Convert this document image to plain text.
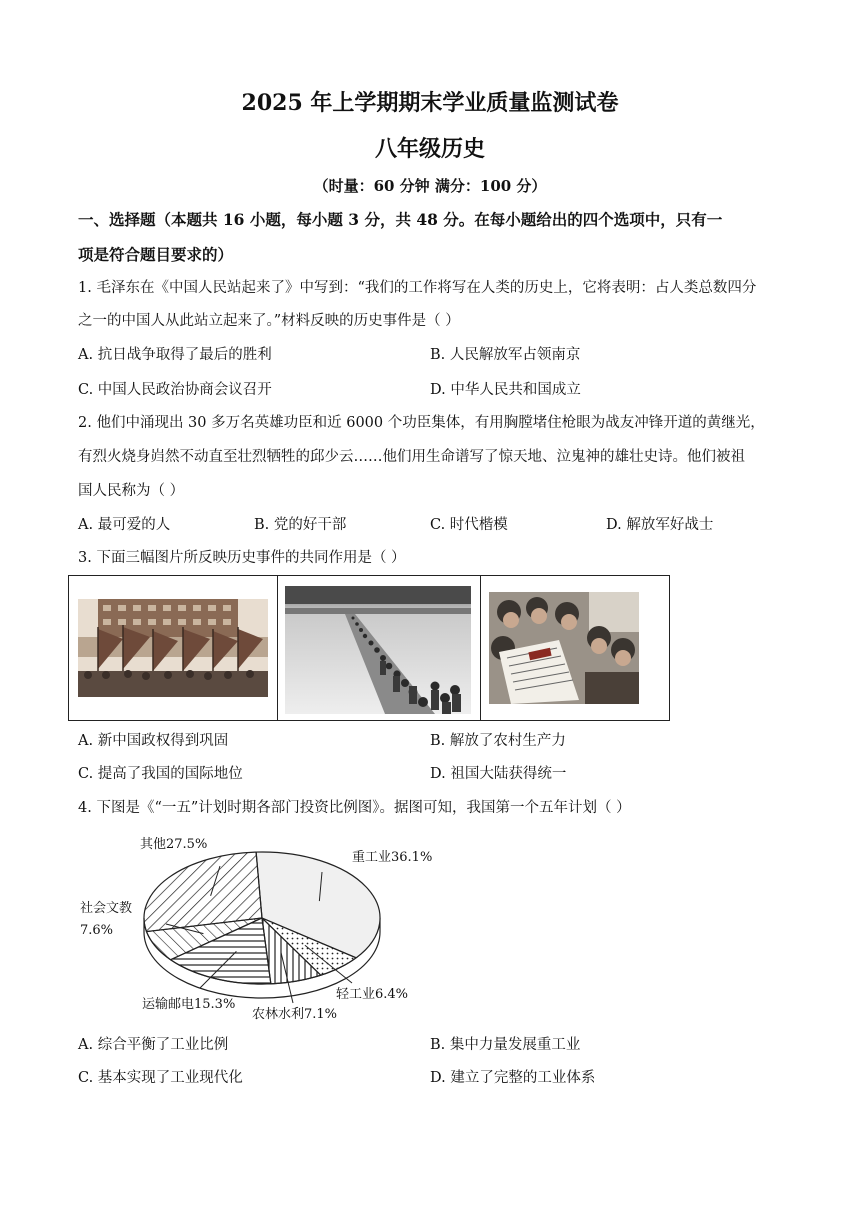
2025 年上学期期末学业质量监测试卷
八年级历史
（时量：60 分钟 满分：100 分）
一、选择题（本题共 16 小题，每小题 3 分，共 48 分。在每小题给出的四个选项中，只有一
项是符合题目要求的）
1. 毛泽东在《中国人民站起来了》中写到：“我们的工作将写在人类的历史上，它将表明：占人类总数四分
之一的中国人从此站立起来了。”材料反映的历史事件是（ ）
A. 抗日战争取得了最后的胜利	B. 人民解放军占领南京
C. 中国人民政治协商会议召开	D. 中华人民共和国成立
2. 他们中涌现出 30 多万名英雄功臣和近 6000 个功臣集体，有用胸膛堵住枪眼为战友冲锋开道的黄继光，
有烈火烧身岿然不动直至壮烈牺牲的邱少云……他们用生命谱写了惊天地、泣鬼神的雄壮史诗。他们被祖
国人民称为（ ）
A. 最可爱的人	B. 党的好干部	C. 时代楷模	D. 解放军好战士
3. 下面三幅图片所反映历史事件的共同作用是（ ）
A. 新中国政权得到巩固	B. 解放了农村生产力
C. 提高了我国的国际地位	D. 祖国大陆获得统一
4. 下图是《“一五”计划时期各部门投资比例图》。据图可知，我国第一个五年计划（ ）
重工业36.1%
轻工业6.4%
农林水利7.1%
运输邮电15.3%
社会文教 7.6%
其他27.5%
A. 综合平衡了工业比例	B. 集中力量发展重工业
C. 基本实现了工业现代化	D. 建立了完整的工业体系
